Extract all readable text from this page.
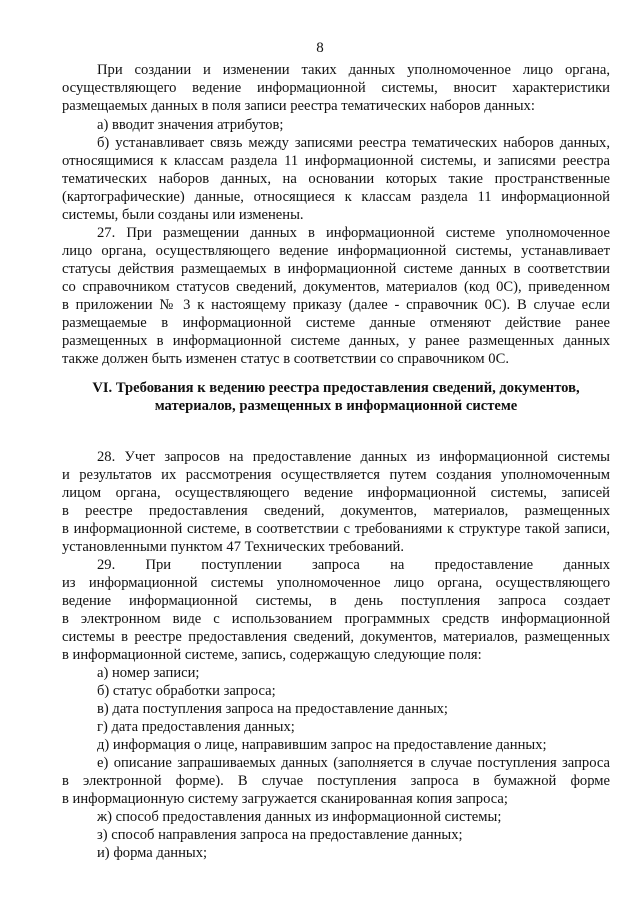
8
При создании и изменении таких данных уполномоченное лицо органа,
осуществляющего ведение информационной системы, вносит характеристики
размещаемых данных в поля записи реестра тематических наборов данных:
а) вводит значения атрибутов;
б) устанавливает связь между записями реестра тематических наборов данных,
относящимися к классам раздела 11 информационной системы, и записями реестра
тематических наборов данных, на основании которых такие пространственные
(картографические) данные, относящиеся к классам раздела 11 информационной
системы, были созданы или изменены.
27. При размещении данных в информационной системе уполномоченное
лицо органа, осуществляющего ведение информационной системы, устанавливает
статусы действия размещаемых в информационной системе данных в соответствии
со справочником статусов сведений, документов, материалов (код 0С), приведенном
в приложении № 3 к настоящему приказу (далее - справочник 0С). В случае если
размещаемые в информационной системе данные отменяют действие ранее
размещенных в информационной системе данных, у ранее размещенных данных
также должен быть изменен статус в соответствии со справочником 0С.
VI. Требования к ведению реестра предоставления сведений, документов,
материалов, размещенных в информационной системе
28. Учет запросов на предоставление данных из информационной системы
и результатов их рассмотрения осуществляется путем создания уполномоченным
лицом органа, осуществляющего ведение информационной системы, записей
в реестре предоставления сведений, документов, материалов, размещенных
в информационной системе, в соответствии с требованиями к структуре такой записи,
установленными пунктом 47 Технических требований.
29. При поступлении запроса на предоставление данных
из информационной системы уполномоченное лицо органа, осуществляющего
ведение информационной системы, в день поступления запроса создает
в электронном виде с использованием программных средств информационной
системы в реестре предоставления сведений, документов, материалов, размещенных
в информационной системе, запись, содержащую следующие поля:
а) номер записи;
б) статус обработки запроса;
в) дата поступления запроса на предоставление данных;
г) дата предоставления данных;
д) информация о лице, направившим запрос на предоставление данных;
е) описание запрашиваемых данных (заполняется в случае поступления запроса
в электронной форме). В случае поступления запроса в бумажной форме
в информационную систему загружается сканированная копия запроса;
ж) способ предоставления данных из информационной системы;
з) способ направления запроса на предоставление данных;
и) форма данных;
